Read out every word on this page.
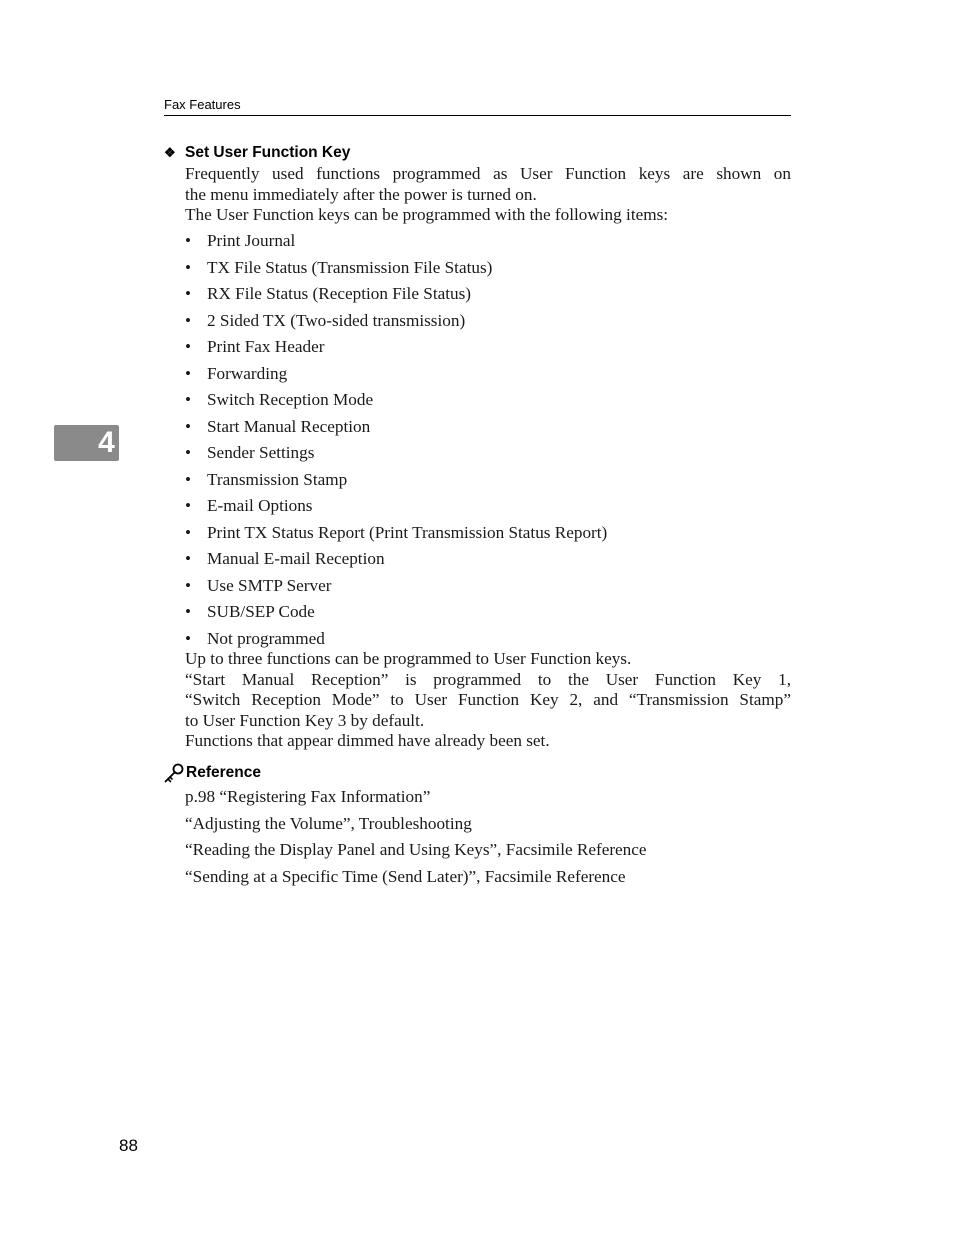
Fax Features
❖ Set User Function Key

Frequently used functions programmed as User Function keys are shown on

the menu immediately after the power is turned on.

The User Function keys can be programmed with the following items:

• Print Journal
• TX File Status (Transmission File Status)
• RX File Status (Reception File Status)
• 2 Sided TX (Two-sided transmission)
• Print Fax Header
• Forwarding
• Switch Reception Mode
• Start Manual Reception
• Sender Settings
• Transmission Stamp
• E-mail Options
• Print TX Status Report (Print Transmission Status Report)
• Manual E-mail Reception
• Use SMTP Server
• SUB/SEP Code
• Not programmed

Up to three functions can be programmed to User Function keys.

“Start Manual Reception” is programmed to the User Function Key 1,

“Switch Reception Mode” to User Function Key 2, and “Transmission Stamp”

to User Function Key 3 by default.

Functions that appear dimmed have already been set.

4
Reference
p.98 “Registering Fax Information”
“Adjusting the Volume”, Troubleshooting
“Reading the Display Panel and Using Keys”, Facsimile Reference
“Sending at a Specific Time (Send Later)”, Facsimile Reference
88
